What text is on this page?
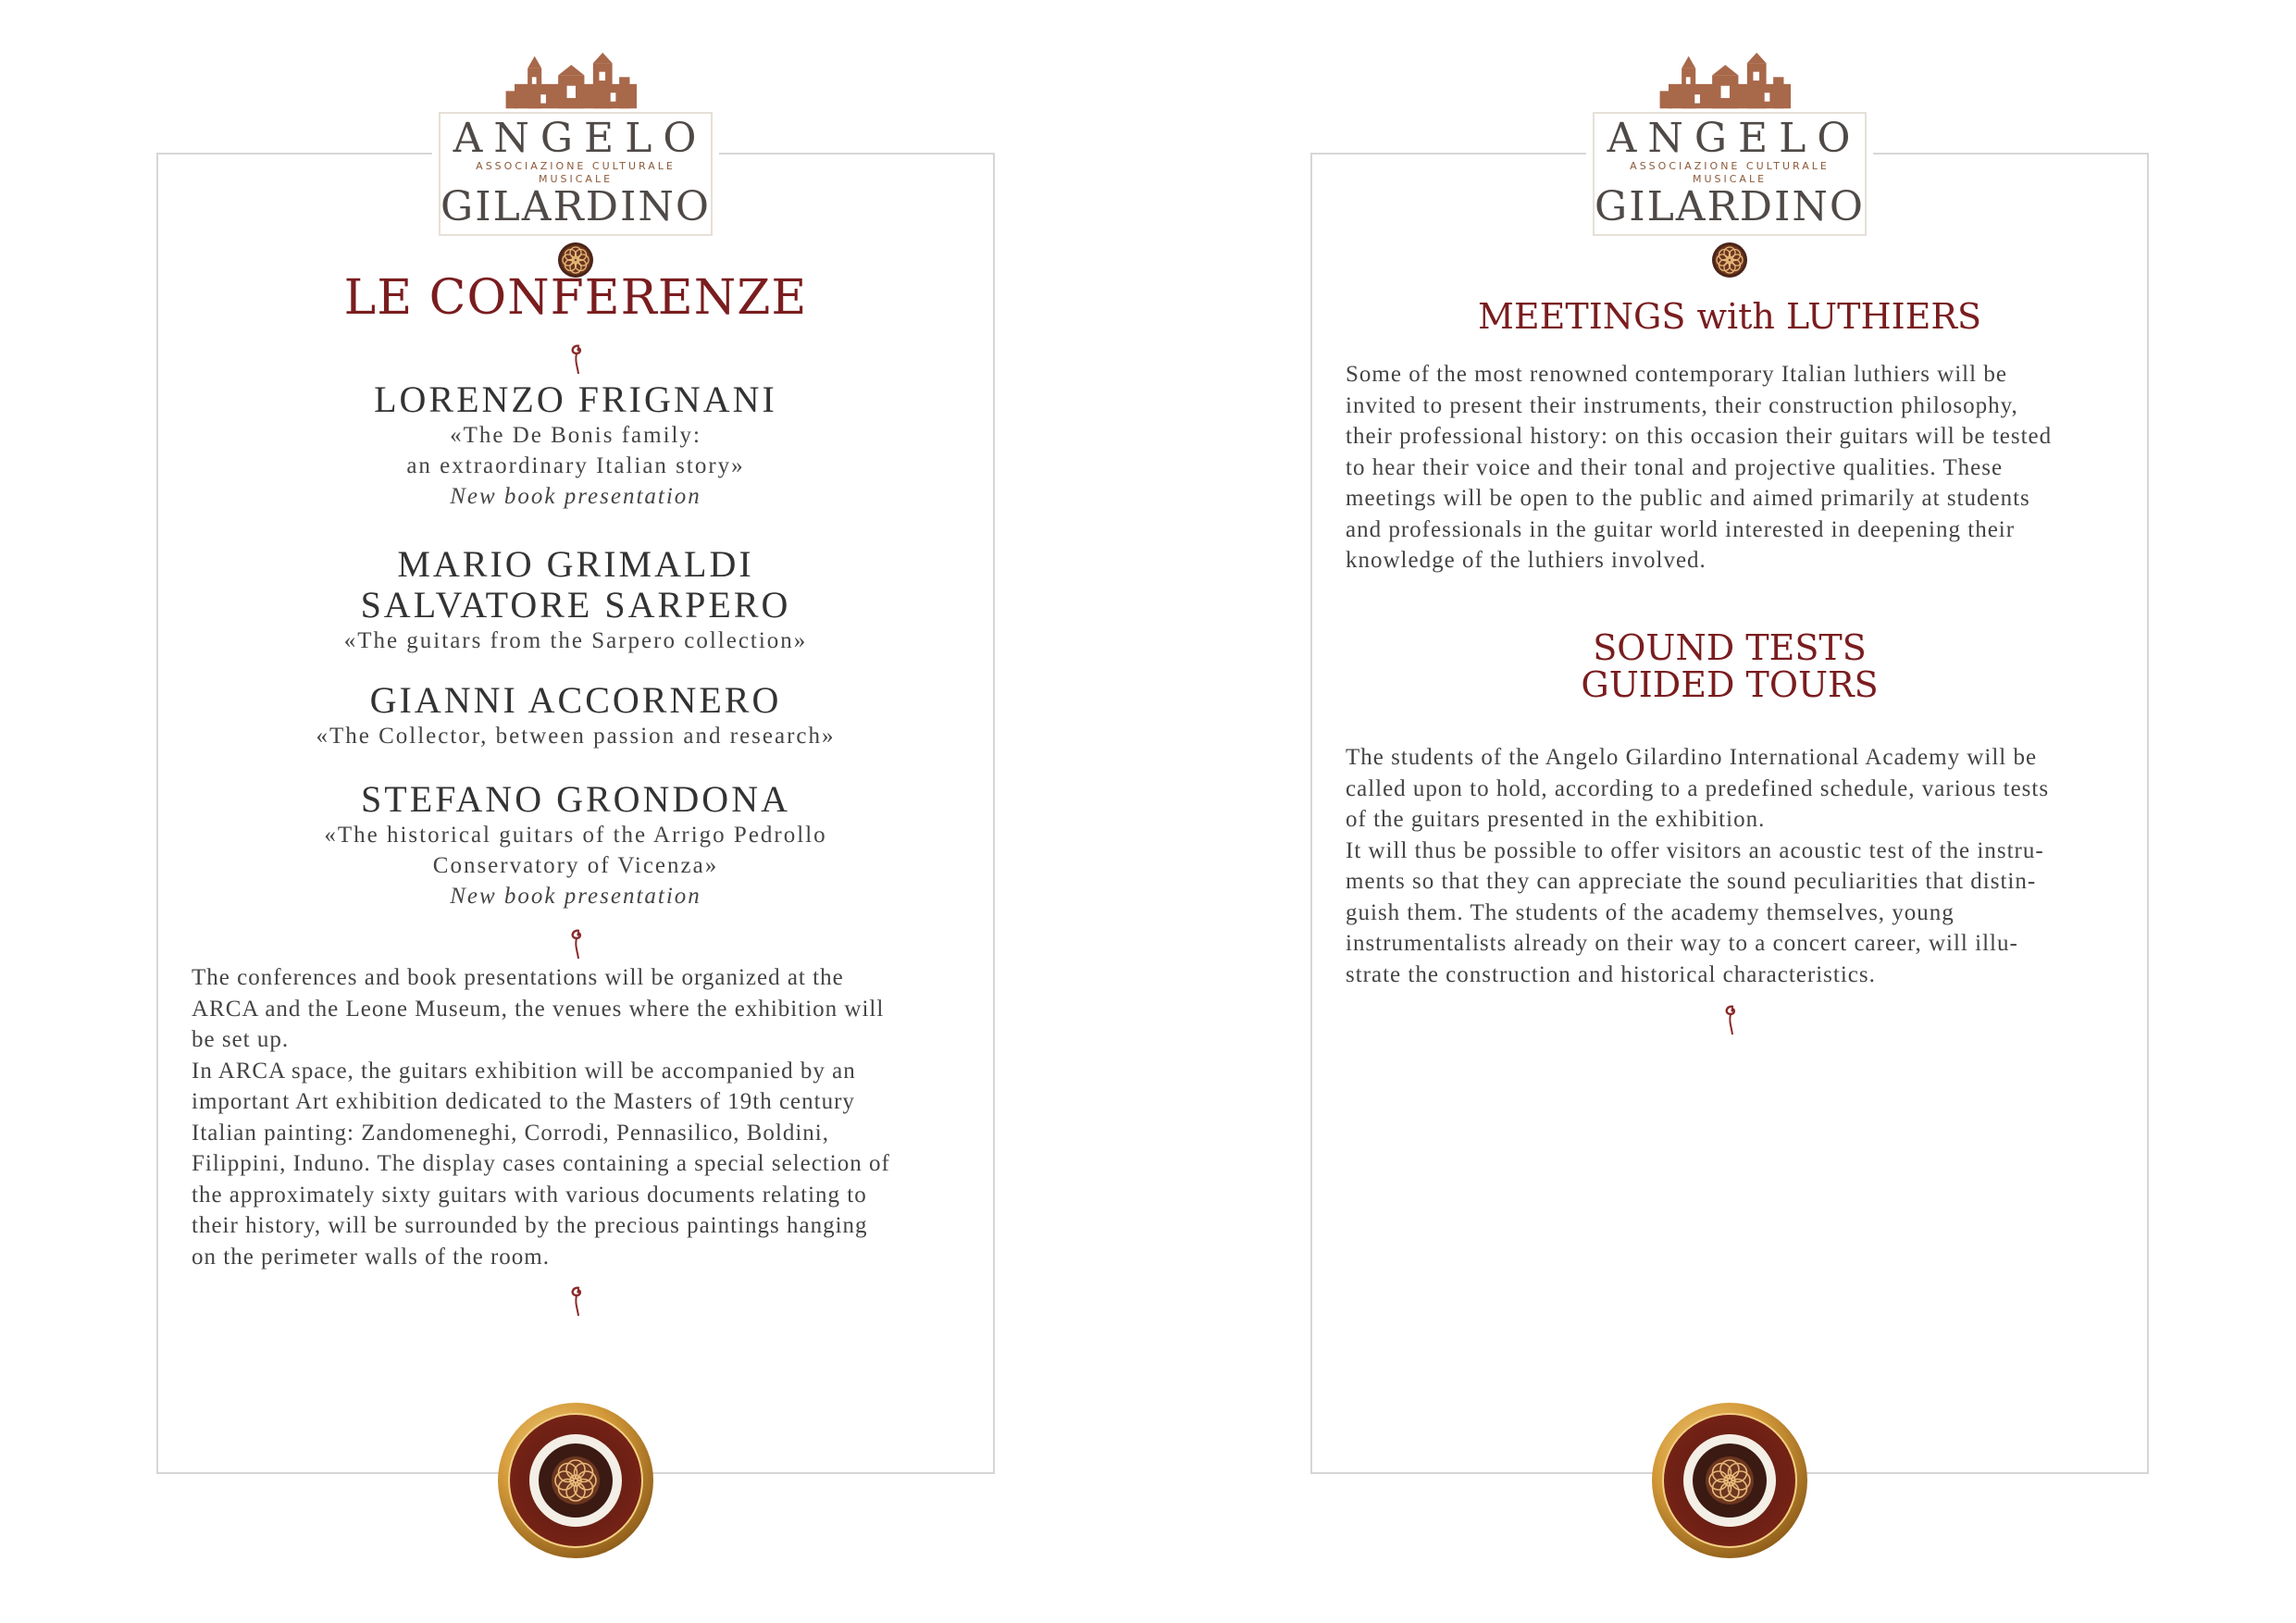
ANGELO
ASSOCIAZIONE CULTURALE MUSICALE
GILARDINO
LE CONFERENZE
LORENZO FRIGNANI
«The De Bonis family:
an extraordinary Italian story»
New book presentation
MARIO GRIMALDI
SALVATORE SARPERO
«The guitars from the Sarpero collection»
GIANNI ACCORNERO
«The Collector, between passion and research»
STEFANO GRONDONA
«The historical guitars of the Arrigo Pedrollo
Conservatory of Vicenza»
New book presentation
The conferences and book presentations will be organized at the
ARCA and the Leone Museum, the venues where the exhibition will
be set up.
In ARCA space, the guitars exhibition will be accompanied by an
important Art exhibition dedicated to the Masters of 19th century
Italian painting: Zandomeneghi, Corrodi, Pennasilico, Boldini,
Filippini, Induno. The display cases containing a special selection of
the approximately sixty guitars with various documents relating to
their history, will be surrounded by the precious paintings hanging
on the perimeter walls of the room.
ANGELO
ASSOCIAZIONE CULTURALE MUSICALE
GILARDINO
MEETINGS with LUTHIERS
Some of the most renowned contemporary Italian luthiers will be
invited to present their instruments, their construction philosophy,
their professional history: on this occasion their guitars will be tested
to hear their voice and their tonal and projective qualities. These
meetings will be open to the public and aimed primarily at students
and professionals in the guitar world interested in deepening their
knowledge of the luthiers involved.
SOUND TESTS
GUIDED TOURS
The students of the Angelo Gilardino International Academy will be
called upon to hold, according to a predefined schedule, various tests
of the guitars presented in the exhibition.
It will thus be possible to offer visitors an acoustic test of the instru-
ments so that they can appreciate the sound peculiarities that distin-
guish them. The students of the academy themselves, young
instrumentalists already on their way to a concert career, will illu-
strate the construction and historical characteristics.
